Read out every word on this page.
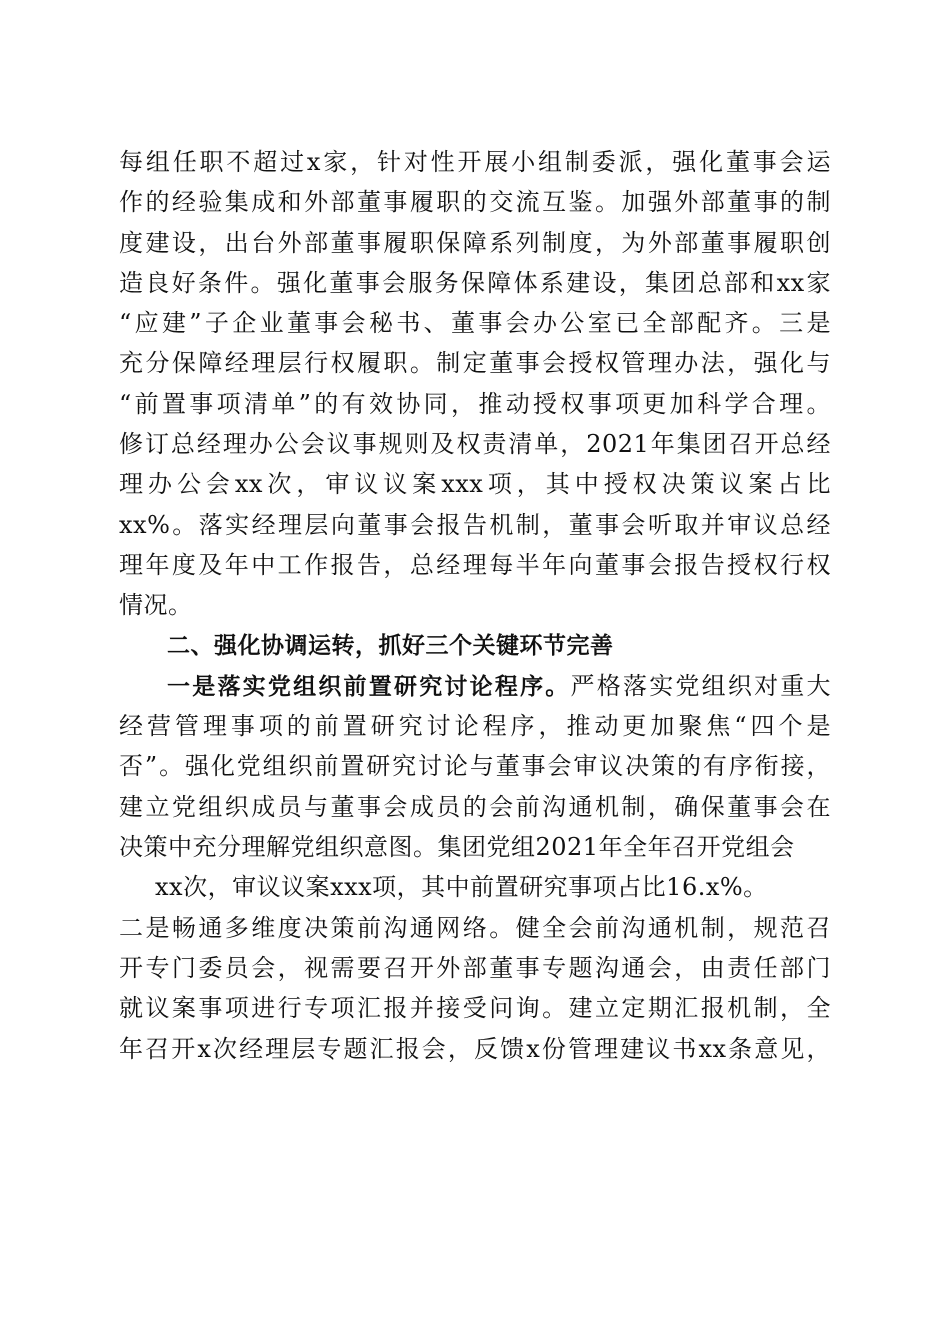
每组任职不超过x家，针对性开展小组制委派，强化董事会运
作的经验集成和外部董事履职的交流互鉴。加强外部董事的制
度建设，出台外部董事履职保障系列制度，为外部董事履职创
造良好条件。强化董事会服务保障体系建设，集团总部和xx家
“应建”子企业董事会秘书、董事会办公室已全部配齐。三是
充分保障经理层行权履职。制定董事会授权管理办法，强化与
“前置事项清单”的有效协同，推动授权事项更加科学合理。
修订总经理办公会议事规则及权责清单，2021年集团召开总经
理办公会xx次，审议议案xxx项，其中授权决策议案占比
xx%。落实经理层向董事会报告机制，董事会听取并审议总经
理年度及年中工作报告，总经理每半年向董事会报告授权行权
情况。
二、强化协调运转，抓好三个关键环节完善
一是落实党组织前置研究讨论程序。严格落实党组织对重大
经营管理事项的前置研究讨论程序，推动更加聚焦“四个是
否”。强化党组织前置研究讨论与董事会审议决策的有序衔接，
建立党组织成员与董事会成员的会前沟通机制，确保董事会在
决策中充分理解党组织意图。集团党组2021年全年召开党组会
xx次，审议议案xxx项，其中前置研究事项占比16.x%。
二是畅通多维度决策前沟通网络。健全会前沟通机制，规范召
开专门委员会，视需要召开外部董事专题沟通会，由责任部门
就议案事项进行专项汇报并接受问询。建立定期汇报机制，全
年召开x次经理层专题汇报会，反馈x份管理建议书xx条意见，
